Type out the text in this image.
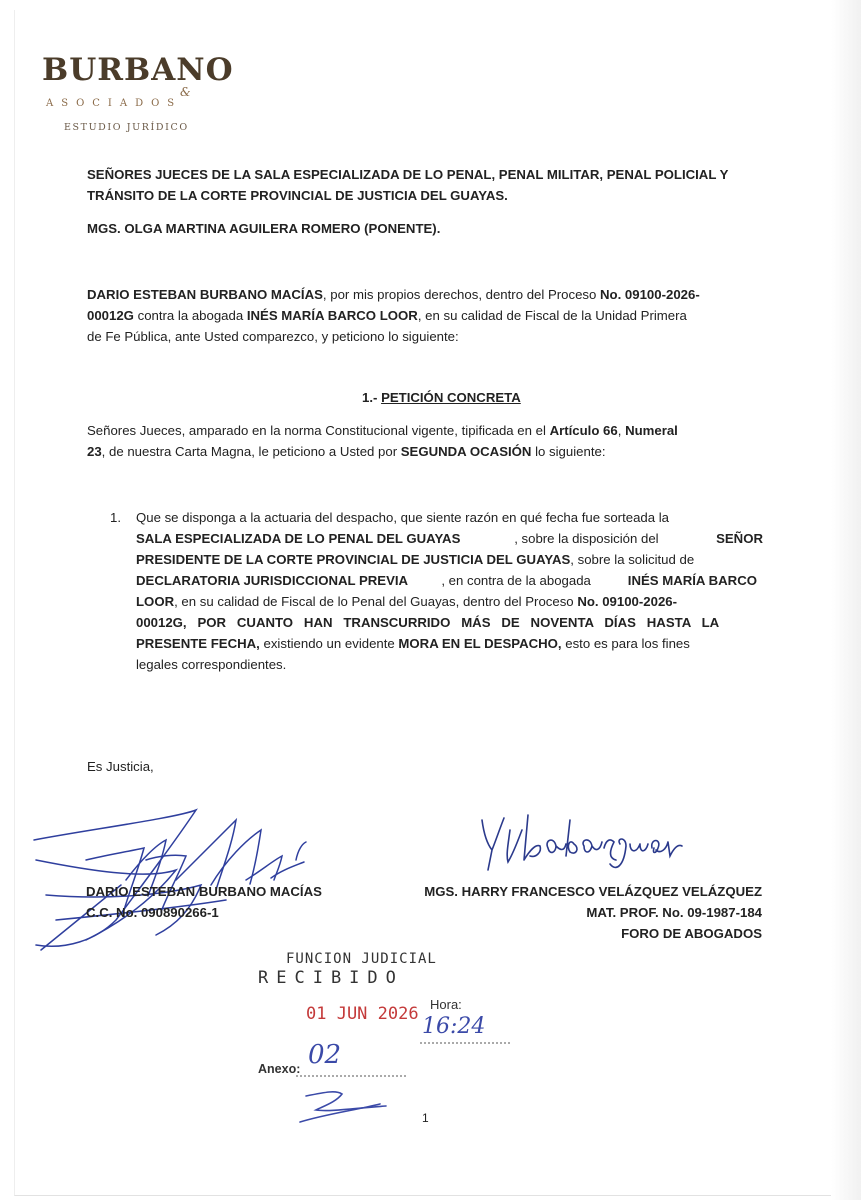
BURBANO
&
ASOCIADOS
ESTUDIO JURÍDICO
SEÑORES JUECES DE LA SALA ESPECIALIZADA DE LO PENAL, PENAL MILITAR, PENAL POLICIAL Y
TRÁNSITO DE LA CORTE PROVINCIAL DE JUSTICIA DEL GUAYAS.
MGS. OLGA MARTINA AGUILERA ROMERO (PONENTE).
DARIO ESTEBAN BURBANO MACÍAS, por mis propios derechos, dentro del Proceso No. 09100-2026-
00012G contra la abogada INÉS MARÍA BARCO LOOR, en su calidad de Fiscal de la Unidad Primera
de Fe Pública, ante Usted comparezco, y peticiono lo siguiente:
1.- PETICIÓN CONCRETA
Señores Jueces, amparado en la norma Constitucional vigente, tipificada en el Artículo 66, Numeral
23, de nuestra Carta Magna, le peticiono a Usted por SEGUNDA OCASIÓN lo siguiente:
1. Que se disponga a la actuaria del despacho, que siente razón en qué fecha fue sorteada la
SALA ESPECIALIZADA DE LO PENAL DEL GUAYAS	, sobre la disposición del	SEÑOR
PRESIDENTE DE LA CORTE PROVINCIAL DE JUSTICIA DEL GUAYAS, sobre la solicitud de
DECLARATORIA JURISDICCIONAL PREVIA	, en contra de la abogada	INÉS MARÍA BARCO
LOOR, en su calidad de Fiscal de lo Penal del Guayas, dentro del Proceso No. 09100-2026-
00012G, POR CUANTO HAN TRANSCURRIDO MÁS DE NOVENTA DÍAS HASTA LA
PRESENTE FECHA, existiendo un evidente MORA EN EL DESPACHO, esto es para los fines
legales correspondientes.
Es Justicia,
DARIO ESTEBAN BURBANO MACÍAS
C.C. No. 090890266-1
MGS. HARRY FRANCESCO VELÁZQUEZ VELÁZQUEZ
MAT. PROF. No. 09-1987-184
FORO DE ABOGADOS
FUNCION JUDICIAL
RECIBIDO
01 JUN 2026 Hora:
16:24
Anexo: 02
1
